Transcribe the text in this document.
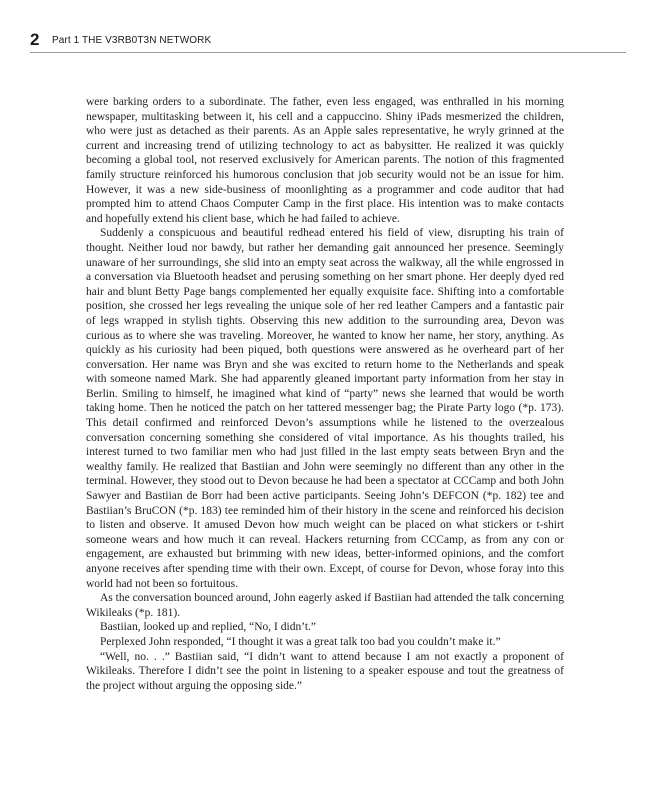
2 Part 1 THE V3RB0T3N NETWORK

were barking orders to a subordinate. The father, even less engaged, was enthralled in his morning newspaper, multitasking between it, his cell and a cappuccino. Shiny iPads mesmerized the children, who were just as detached as their parents. As an Apple sales representative, he wryly grinned at the current and increasing trend of utilizing technology to act as babysitter. He realized it was quickly becoming a global tool, not reserved exclusively for American parents. The notion of this fragmented family structure reinforced his humorous conclusion that job security would not be an issue for him. However, it was a new side-business of moonlighting as a programmer and code auditor that had prompted him to attend Chaos Computer Camp in the first place. His intention was to make contacts and hopefully extend his client base, which he had failed to achieve.

Suddenly a conspicuous and beautiful redhead entered his field of view, disrupting his train of thought. Neither loud nor bawdy, but rather her demanding gait announced her presence. Seemingly unaware of her surroundings, she slid into an empty seat across the walkway, all the while engrossed in a conversation via Bluetooth headset and perusing something on her smart phone. Her deeply dyed red hair and blunt Betty Page bangs complemented her equally exquisite face. Shifting into a comfortable position, she crossed her legs revealing the unique sole of her red leather Campers and a fantastic pair of legs wrapped in stylish tights. Observing this new addition to the surrounding area, Devon was curious as to where she was traveling. Moreover, he wanted to know her name, her story, anything. As quickly as his curiosity had been piqued, both questions were answered as he overheard part of her conversation. Her name was Bryn and she was excited to return home to the Netherlands and speak with someone named Mark. She had apparently gleaned important party information from her stay in Berlin. Smiling to himself, he imagined what kind of “party” news she learned that would be worth taking home. Then he noticed the patch on her tattered messenger bag; the Pirate Party logo (*p. 173). This detail confirmed and reinforced Devon’s assumptions while he listened to the overzealous conversation concerning something she considered of vital importance. As his thoughts trailed, his interest turned to two familiar men who had just filled in the last empty seats between Bryn and the wealthy family. He realized that Bastiian and John were seemingly no different than any other in the terminal. However, they stood out to Devon because he had been a spectator at CCCamp and both John Sawyer and Bastiian de Borr had been active participants. Seeing John’s DEFCON (*p. 182) tee and Bastiian’s BruCON (*p. 183) tee reminded him of their history in the scene and reinforced his decision to listen and observe. It amused Devon how much weight can be placed on what stickers or t-shirt someone wears and how much it can reveal. Hackers returning from CCCamp, as from any con or engagement, are exhausted but brimming with new ideas, better-informed opinions, and the comfort anyone receives after spending time with their own. Except, of course for Devon, whose foray into this world had not been so fortuitous.

As the conversation bounced around, John eagerly asked if Bastiian had attended the talk concerning Wikileaks (*p. 181).

Bastiian, looked up and replied, “No, I didn’t.”

Perplexed John responded, “I thought it was a great talk too bad you couldn’t make it.”

“Well, no. . .” Bastiian said, “I didn’t want to attend because I am not exactly a proponent of Wikileaks. Therefore I didn’t see the point in listening to a speaker espouse and tout the greatness of the project without arguing the opposing side.”
